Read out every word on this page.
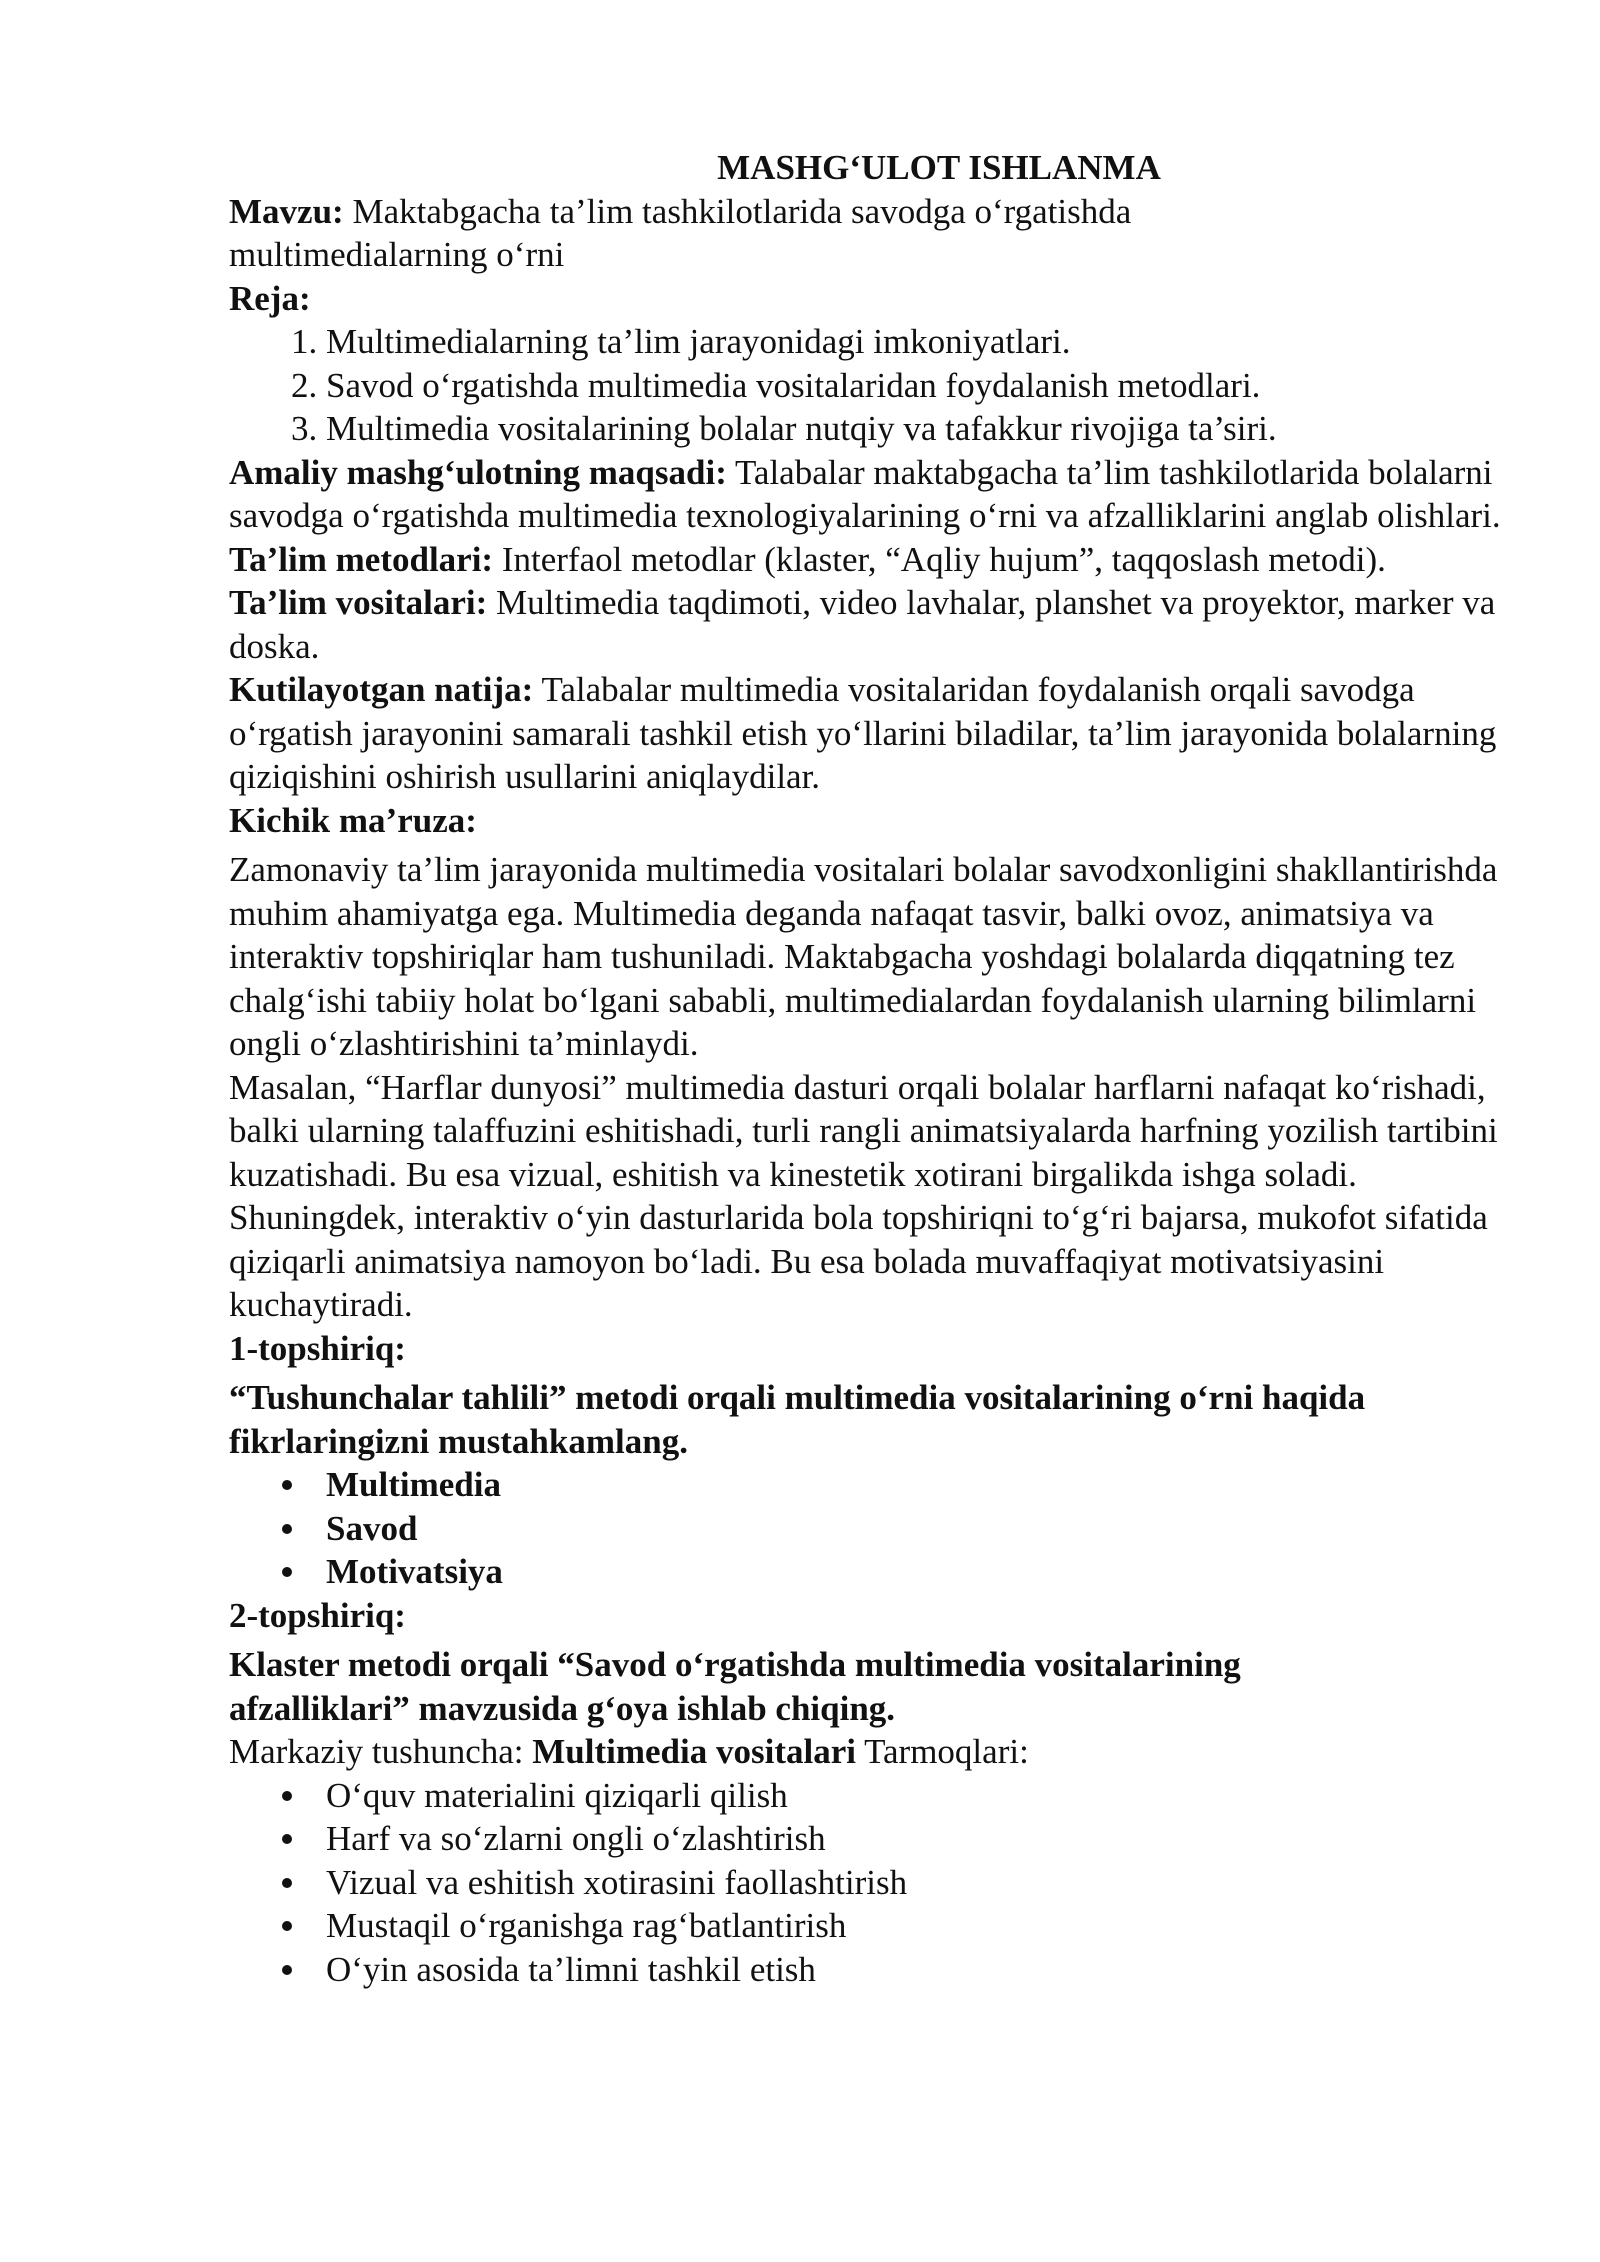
MASHG‘ULOT ISHLANMA

Mavzu: Maktabgacha ta’lim tashkilotlarida savodga o‘rgatishda multimedialarning o‘rni

Reja:

1. Multimedialarning ta’lim jarayonidagi imkoniyatlari.
2. Savod o‘rgatishda multimedia vositalaridan foydalanish metodlari.
3. Multimedia vositalarining bolalar nutqiy va tafakkur rivojiga ta’siri.

Amaliy mashg‘ulotning maqsadi: Talabalar maktabgacha ta’lim tashkilotlarida bolalarni savodga o‘rgatishda multimedia texnologiyalarining o‘rni va afzalliklarini anglab olishlari.

Ta’lim metodlari: Interfaol metodlar (klaster, “Aqliy hujum”, taqqoslash metodi).

Ta’lim vositalari: Multimedia taqdimoti, video lavhalar, planshet va proyektor, marker va doska.

Kutilayotgan natija: Talabalar multimedia vositalaridan foydalanish orqali savodga o‘rgatish jarayonini samarali tashkil etish yo‘llarini biladilar, ta’lim jarayonida bolalarning qiziqishini oshirish usullarini aniqlaydilar.

Kichik ma’ruza:

Zamonaviy ta’lim jarayonida multimedia vositalari bolalar savodxonligini shakllantirishda muhim ahamiyatga ega. Multimedia deganda nafaqat tasvir, balki ovoz, animatsiya va interaktiv topshiriqlar ham tushuniladi. Maktabgacha yoshdagi bolalarda diqqatning tez chalg‘ishi tabiiy holat bo‘lgani sababli, multimedialardan foydalanish ularning bilimlarni ongli o‘zlashtirishini ta’minlaydi.

Masalan, “Harflar dunyosi” multimedia dasturi orqali bolalar harflarni nafaqat ko‘rishadi, balki ularning talaffuzini eshitishadi, turli rangli animatsiyalarda harfning yozilish tartibini kuzatishadi. Bu esa vizual, eshitish va kinestetik xotirani birgalikda ishga soladi.

Shuningdek, interaktiv o‘yin dasturlarida bola topshiriqni to‘g‘ri bajarsa, mukofot sifatida qiziqarli animatsiya namoyon bo‘ladi. Bu esa bolada muvaffaqiyat motivatsiyasini kuchaytiradi.

1-topshiriq:

“Tushunchalar tahlili” metodi orqali multimedia vositalarining o‘rni haqida fikrlaringizni mustahkamlang.

Multimedia
Savod
Motivatsiya

2-topshiriq:

Klaster metodi orqali “Savod o‘rgatishda multimedia vositalarining afzalliklari” mavzusida g‘oya ishlab chiqing.

Markaziy tushuncha: Multimedia vositalari Tarmoqlari:

O‘quv materialini qiziqarli qilish
Harf va so‘zlarni ongli o‘zlashtirish
Vizual va eshitish xotirasini faollashtirish
Mustaqil o‘rganishga rag‘batlantirish
O‘yin asosida ta’limni tashkil etish
